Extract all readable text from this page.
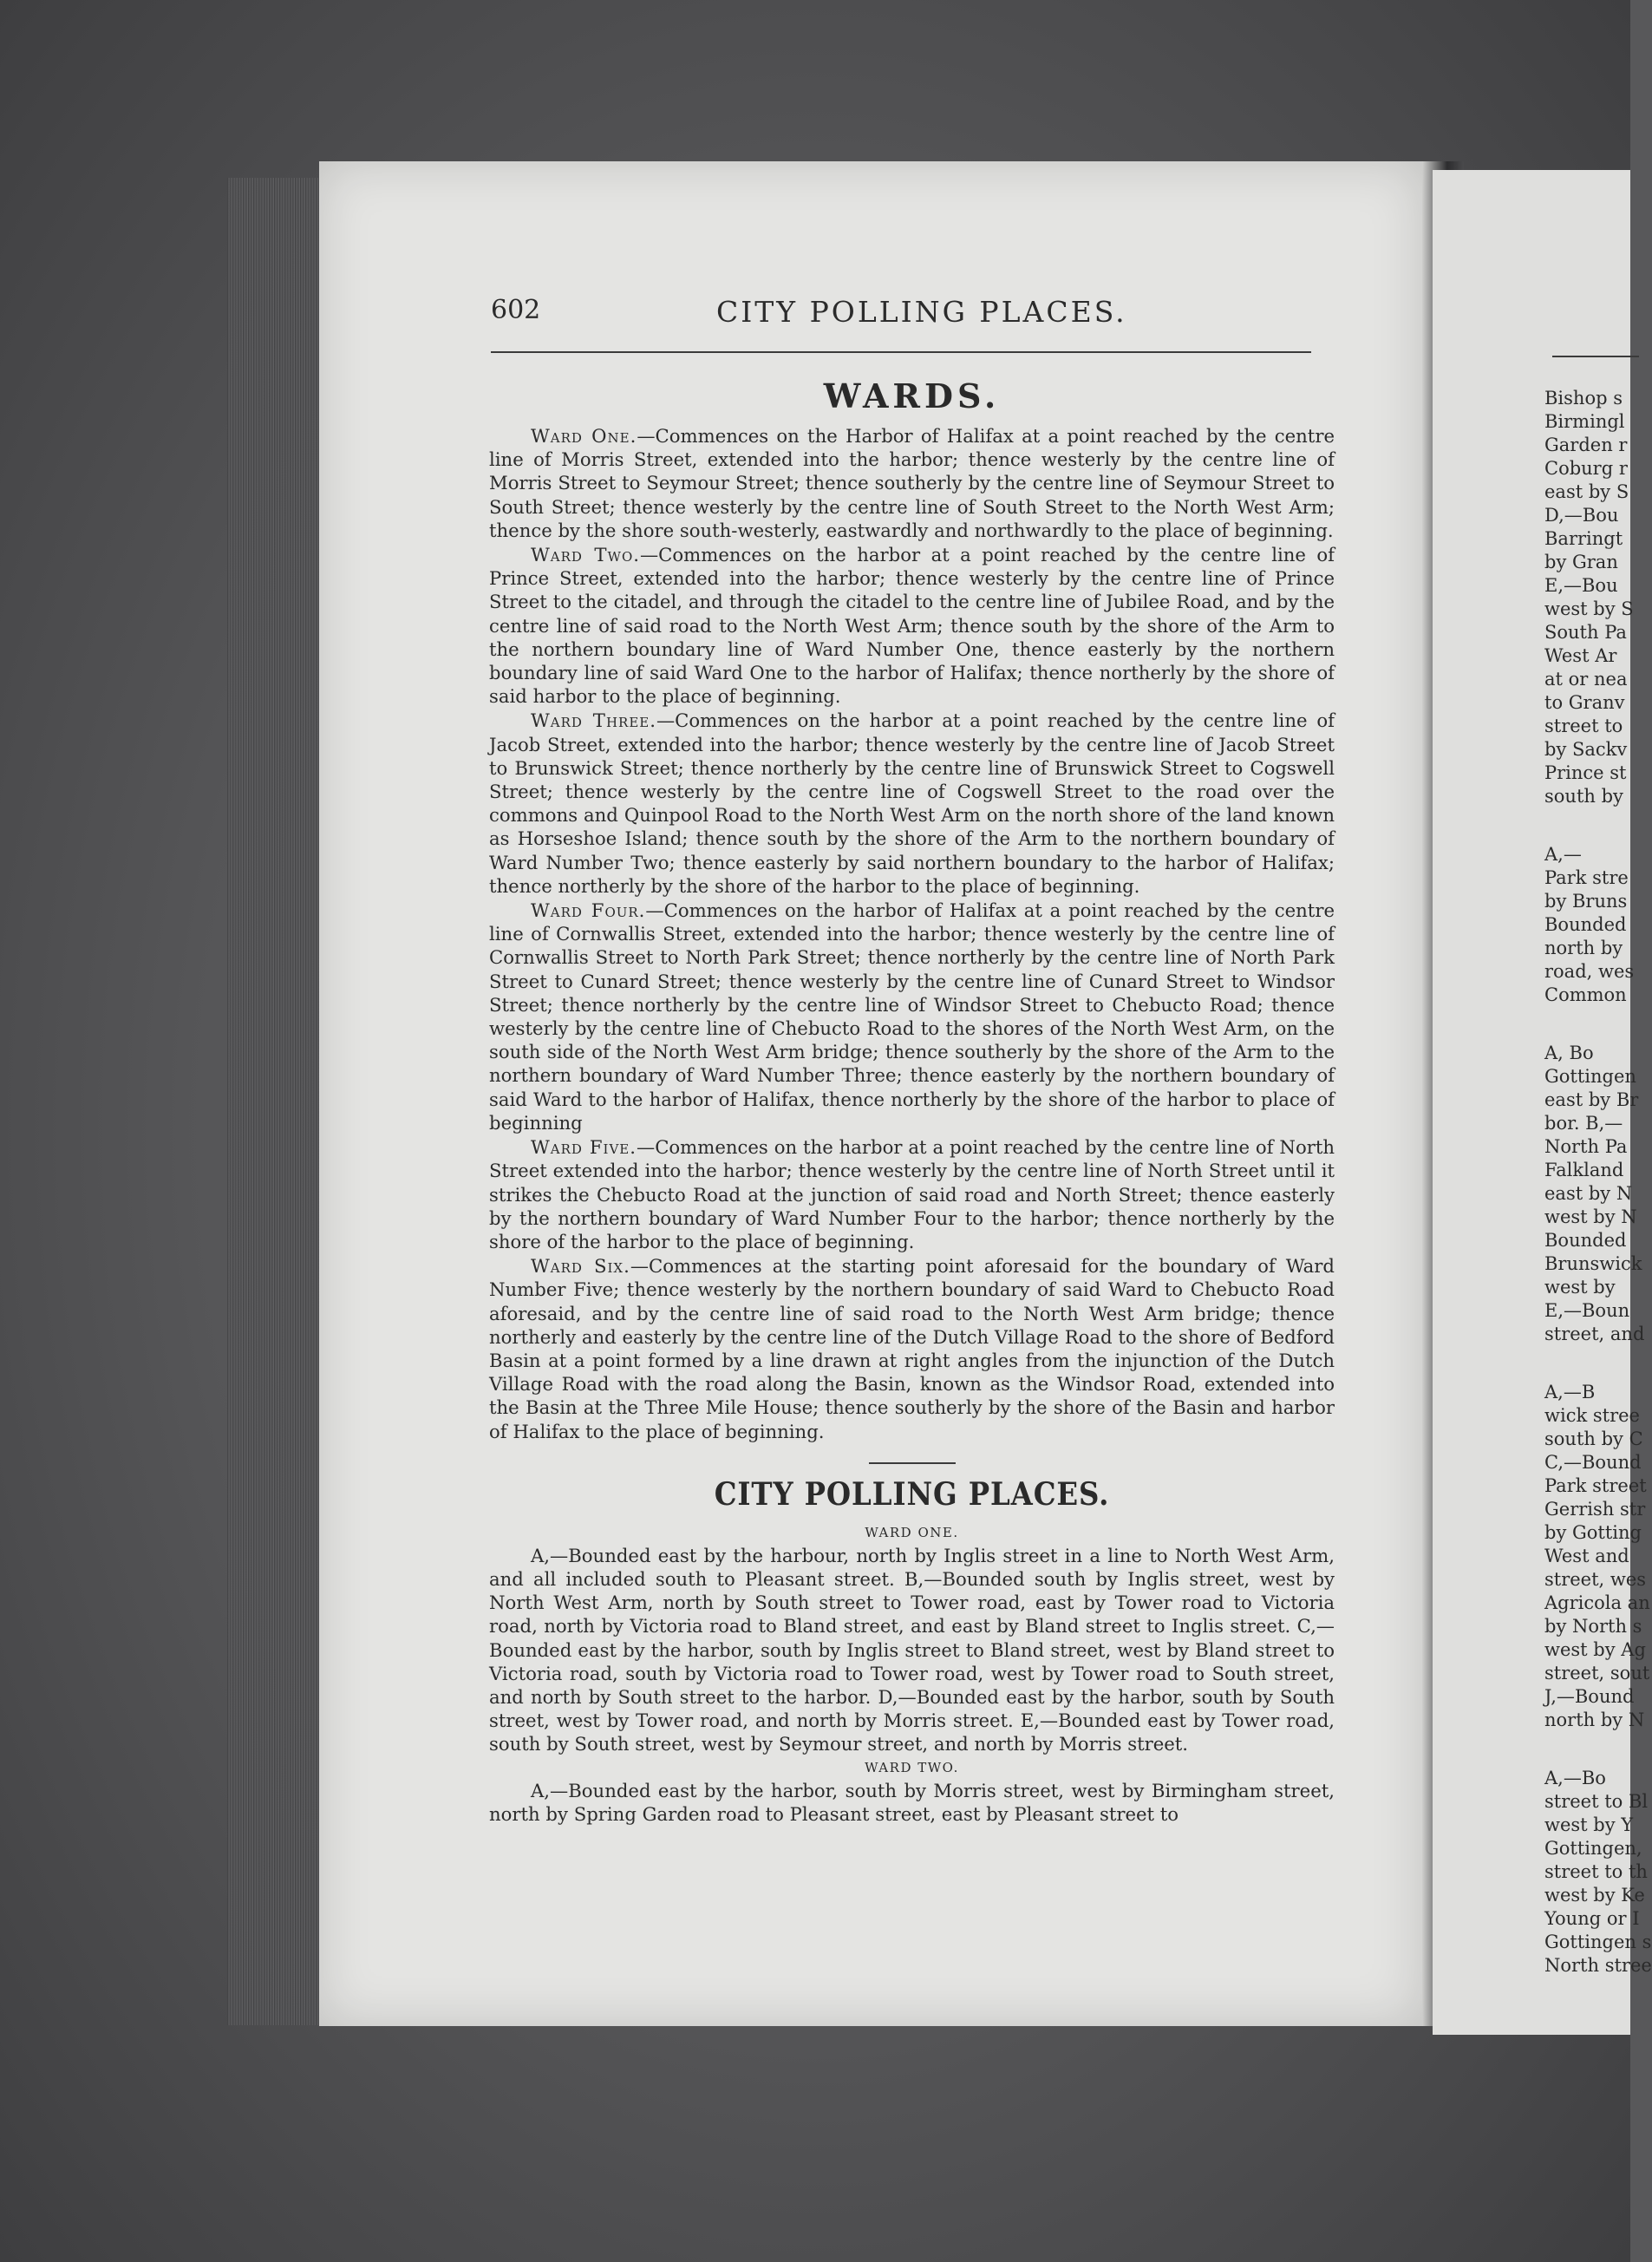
602	CITY POLLING PLACES.
WARDS.

Ward One.—Commences on the Harbor of Halifax at a point reached by the centre line of Morris Street, extended into the harbor; thence westerly by the centre line of Morris Street to Seymour Street; thence southerly by the centre line of Seymour Street to South Street; thence westerly by the centre line of South Street to the North West Arm; thence by the shore south-westerly, eastwardly and northwardly to the place of beginning.

Ward Two.—Commences on the harbor at a point reached by the centre line of Prince Street, extended into the harbor; thence westerly by the centre line of Prince Street to the citadel, and through the citadel to the centre line of Jubilee Road, and by the centre line of said road to the North West Arm; thence south by the shore of the Arm to the northern boundary line of Ward Number One, thence easterly by the northern boundary line of said Ward One to the harbor of Halifax; thence northerly by the shore of said harbor to the place of beginning.

Ward Three.—Commences on the harbor at a point reached by the centre line of Jacob Street, extended into the harbor; thence westerly by the centre line of Jacob Street to Brunswick Street; thence northerly by the centre line of Brunswick Street to Cogswell Street; thence westerly by the centre line of Cogswell Street to the road over the commons and Quinpool Road to the North West Arm on the north shore of the land known as Horseshoe Island; thence south by the shore of the Arm to the northern boundary of Ward Number Two; thence easterly by said northern boundary to the harbor of Halifax; thence northerly by the shore of the harbor to the place of beginning.

Ward Four.—Commences on the harbor of Halifax at a point reached by the centre line of Cornwallis Street, extended into the harbor; thence westerly by the centre line of Cornwallis Street to North Park Street; thence northerly by the centre line of North Park Street to Cunard Street; thence westerly by the centre line of Cunard Street to Windsor Street; thence northerly by the centre line of Windsor Street to Chebucto Road; thence westerly by the centre line of Chebucto Road to the shores of the North West Arm, on the south side of the North West Arm bridge; thence southerly by the shore of the Arm to the northern boundary of Ward Number Three; thence easterly by the northern boundary of said Ward to the harbor of Halifax, thence northerly by the shore of the harbor to place of beginning

Ward Five.—Commences on the harbor at a point reached by the centre line of North Street extended into the harbor; thence westerly by the centre line of North Street until it strikes the Chebucto Road at the junction of said road and North Street; thence easterly by the northern boundary of Ward Number Four to the harbor; thence northerly by the shore of the harbor to the place of beginning.

Ward Six.—Commences at the starting point aforesaid for the boundary of Ward Number Five; thence westerly by the northern boundary of said Ward to Chebucto Road aforesaid, and by the centre line of said road to the North West Arm bridge; thence northerly and easterly by the centre line of the Dutch Village Road to the shore of Bedford Basin at a point formed by a line drawn at right angles from the injunction of the Dutch Village Road with the road along the Basin, known as the Windsor Road, extended into the Basin at the Three Mile House; thence southerly by the shore of the Basin and harbor of Halifax to the place of beginning.

CITY POLLING PLACES.
WARD ONE.

A,—Bounded east by the harbour, north by Inglis street in a line to North West Arm, and all included south to Pleasant street. B,—Bounded south by Inglis street, west by North West Arm, north by South street to Tower road, east by Tower road to Victoria road, north by Victoria road to Bland street, and east by Bland street to Inglis street. C,—Bounded east by the harbor, south by Inglis street to Bland street, west by Bland street to Victoria road, south by Victoria road to Tower road, west by Tower road to South street, and north by South street to the harbor. D,—Bounded east by the harbor, south by South street, west by Tower road, and north by Morris street. E,—Bounded east by Tower road, south by South street, west by Seymour street, and north by Morris street.

WARD TWO.

A,—Bounded east by the harbor, south by Morris street, west by Birmingham street, north by Spring Garden road to Pleasant street, east by Pleasant street to

Bishop s
Birmingl
Garden r
Coburg r
east by S
D,—Bou
Barringt
by Gran
E,—Bou
west by S
South Pa
West Ar
at or nea
to Granv
street to
by Sackv
Prince st
south by
A,—
Park stre
by Bruns
Bounded
north by
road, wes
Common
A, Bo
Gottingen
east by Br
bor. B,—
North Pa
Falkland
east by N
west by N
Bounded
Brunswick
west by
E,—Boun
street, and
A,—B
wick stree
south by C
C,—Bound
Park street
Gerrish str
by Gotting
West and
street, wes
Agricola an
by North s
west by Ag
street, sout
J,—Bound
north by N
A,—Bo
street to Bl
west by Y
Gottingen,
street to th
west by Ke
Young or I
Gottingen s
North stree
